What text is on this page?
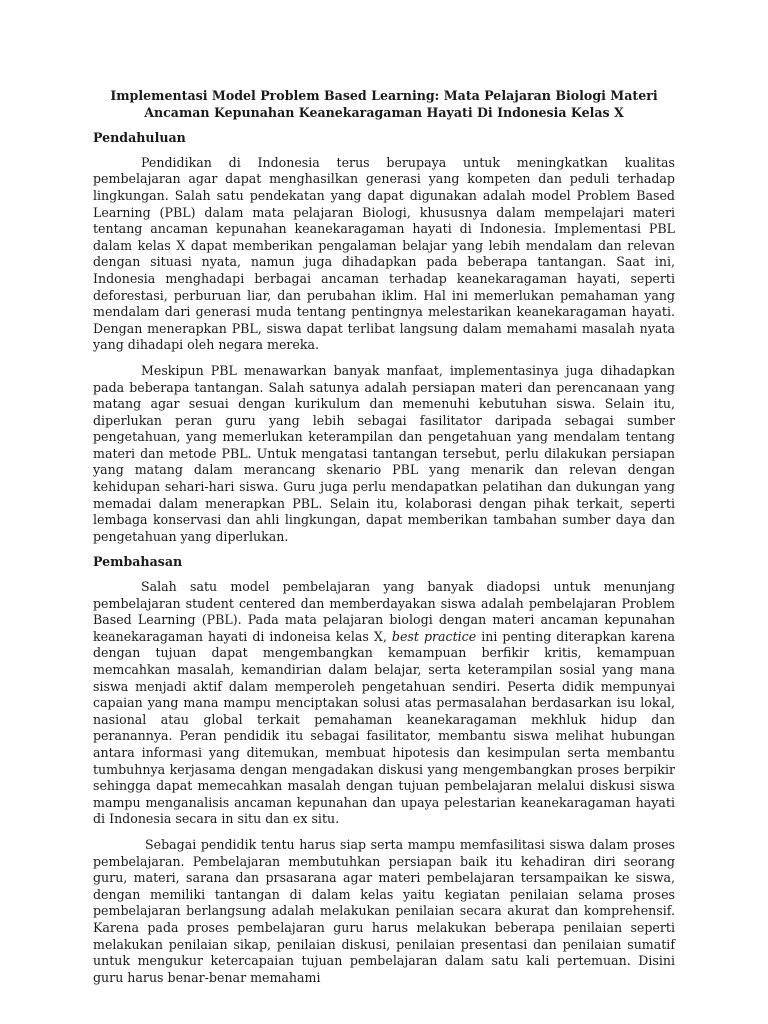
Implementasi Model Problem Based Learning: Mata Pelajaran Biologi Materi
Ancaman Kepunahan Keanekaragaman Hayati Di Indonesia Kelas X
Pendahuluan

Pendidikan di Indonesia terus berupaya untuk meningkatkan kualitas pembelajaran agar dapat menghasilkan generasi yang kompeten dan peduli terhadap lingkungan. Salah satu pendekatan yang dapat digunakan adalah model Problem Based Learning (PBL) dalam mata pelajaran Biologi, khususnya dalam mempelajari materi tentang ancaman kepunahan keanekaragaman hayati di Indonesia. Implementasi PBL dalam kelas X dapat memberikan pengalaman belajar yang lebih mendalam dan relevan dengan situasi nyata, namun juga dihadapkan pada beberapa tantangan. Saat ini, Indonesia menghadapi berbagai ancaman terhadap keanekaragaman hayati, seperti deforestasi, perburuan liar, dan perubahan iklim. Hal ini memerlukan pemahaman yang mendalam dari generasi muda tentang pentingnya melestarikan keanekaragaman hayati. Dengan menerapkan PBL, siswa dapat terlibat langsung dalam memahami masalah nyata yang dihadapi oleh negara mereka.

Meskipun PBL menawarkan banyak manfaat, implementasinya juga dihadapkan pada beberapa tantangan. Salah satunya adalah persiapan materi dan perencanaan yang matang agar sesuai dengan kurikulum dan memenuhi kebutuhan siswa. Selain itu, diperlukan peran guru yang lebih sebagai fasilitator daripada sebagai sumber pengetahuan, yang memerlukan keterampilan dan pengetahuan yang mendalam tentang materi dan metode PBL. Untuk mengatasi tantangan tersebut, perlu dilakukan persiapan yang matang dalam merancang skenario PBL yang menarik dan relevan dengan kehidupan sehari-hari siswa. Guru juga perlu mendapatkan pelatihan dan dukungan yang memadai dalam menerapkan PBL. Selain itu, kolaborasi dengan pihak terkait, seperti lembaga konservasi dan ahli lingkungan, dapat memberikan tambahan sumber daya dan pengetahuan yang diperlukan.

Pembahasan

Salah satu model pembelajaran yang banyak diadopsi untuk menunjang pembelajaran student centered dan memberdayakan siswa adalah pembelajaran Problem Based Learning (PBL). Pada mata pelajaran biologi dengan materi ancaman kepunahan keanekaragaman hayati di indoneisa kelas X, best practice ini penting diterapkan karena dengan tujuan dapat mengembangkan kemampuan berfikir kritis, kemampuan memcahkan masalah, kemandirian dalam belajar, serta keterampilan sosial yang mana siswa menjadi aktif dalam memperoleh pengetahuan sendiri. Peserta didik mempunyai capaian yang mana mampu menciptakan solusi atas permasalahan berdasarkan isu lokal, nasional atau global terkait pemahaman keanekaragaman mekhluk hidup dan peranannya. Peran pendidik itu sebagai fasilitator, membantu siswa melihat hubungan antara informasi yang ditemukan, membuat hipotesis dan kesimpulan serta membantu tumbuhnya kerjasama dengan mengadakan diskusi yang mengembangkan proses berpikir sehingga dapat memecahkan masalah dengan tujuan pembelajaran melalui diskusi siswa mampu menganalisis ancaman kepunahan dan upaya pelestarian keanekaragaman hayati di Indonesia secara in situ dan ex situ.

Sebagai pendidik tentu harus siap serta mampu memfasilitasi siswa dalam proses pembelajaran. Pembelajaran membutuhkan persiapan baik itu kehadiran diri seorang guru, materi, sarana dan prsasarana agar materi pembelajaran tersampaikan ke siswa, dengan memiliki tantangan di dalam kelas yaitu kegiatan penilaian selama proses pembelajaran berlangsung adalah melakukan penilaian secara akurat dan komprehensif. Karena pada proses pembelajaran guru harus melakukan beberapa penilaian seperti melakukan penilaian sikap, penilaian diskusi, penilaian presentasi dan penilaian sumatif untuk mengukur ketercapaian tujuan pembelajaran dalam satu kali pertemuan. Disini guru harus benar-benar memahami
